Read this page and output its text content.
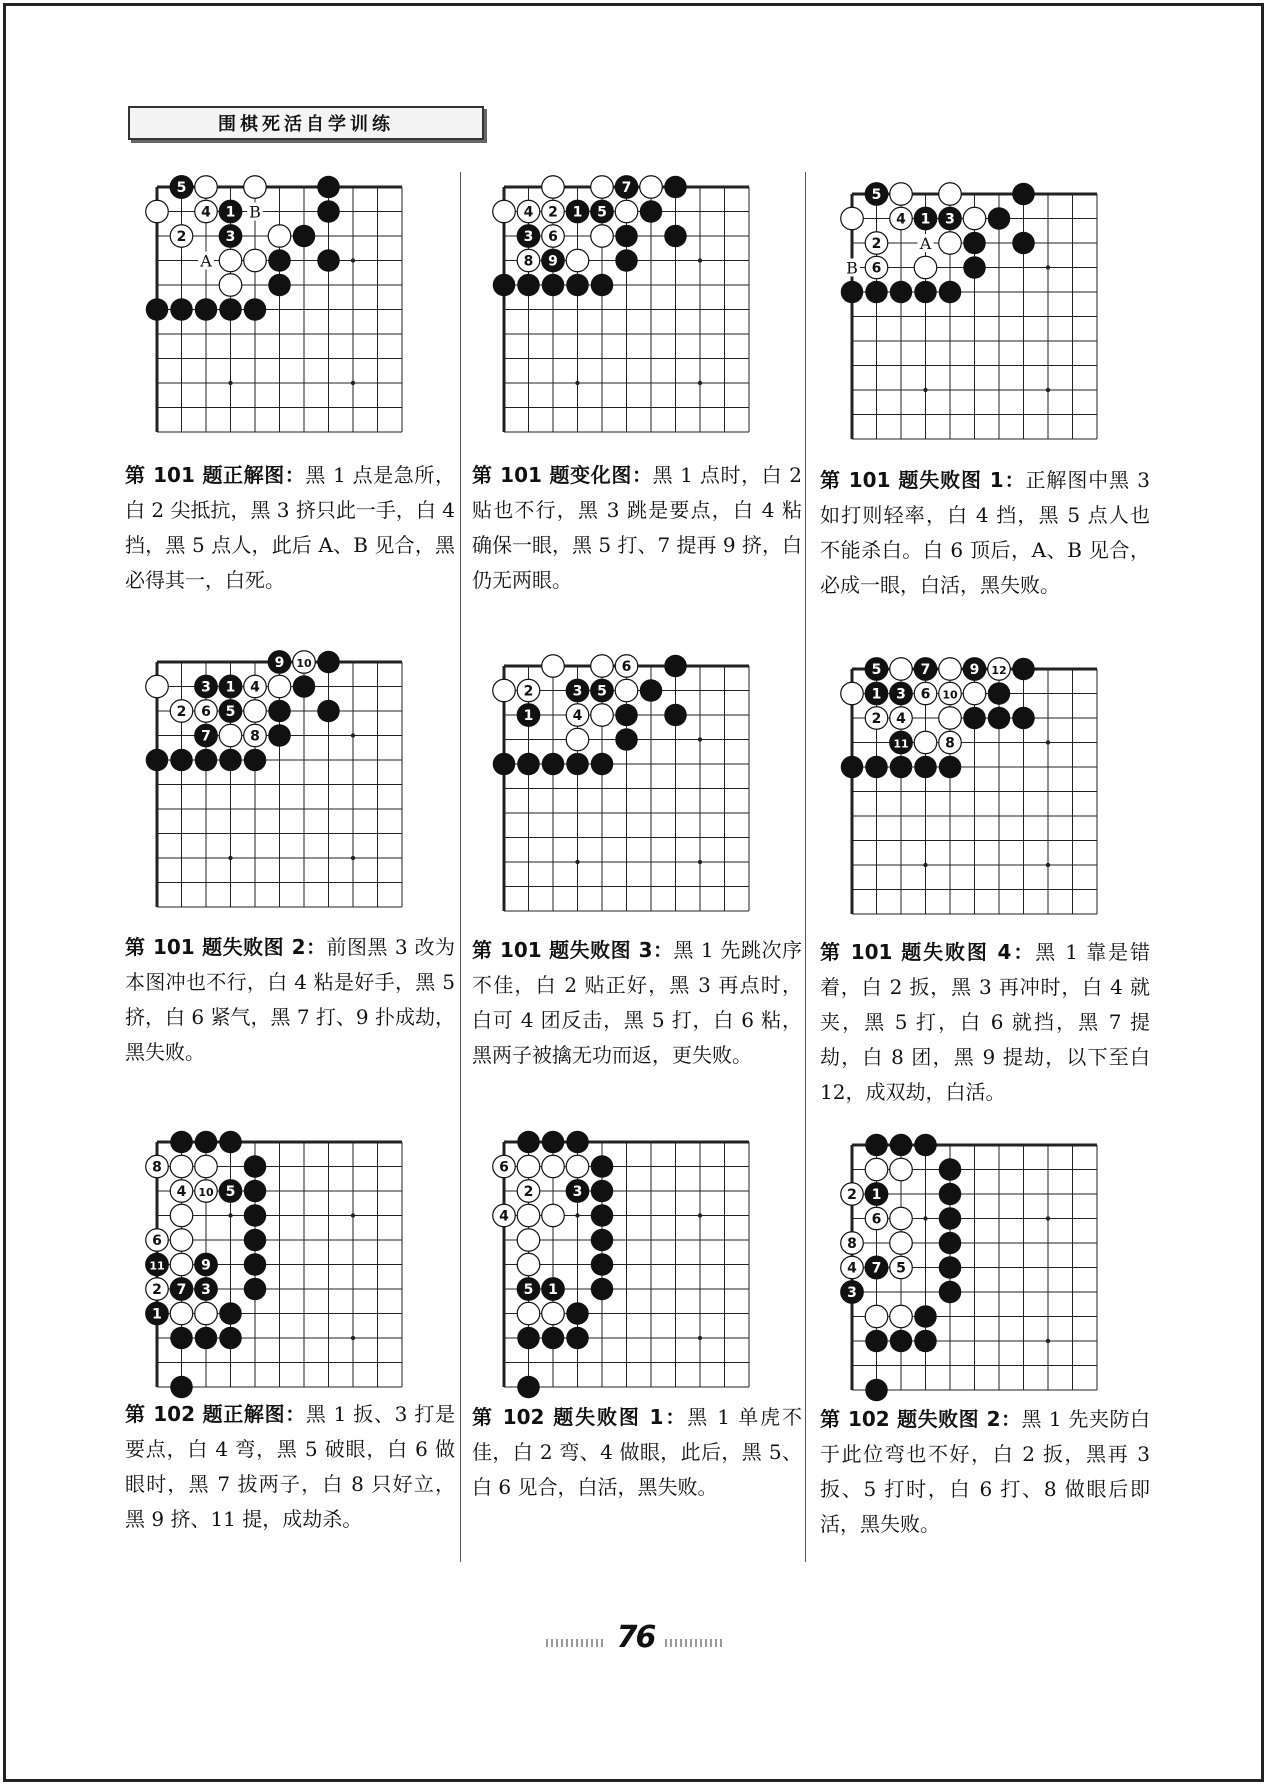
围棋死活自学训练
5
4 1
2	3
B
A
7
4 2 1 5
3 6
8 9
5
4 1 3
2
6
A
B
第 101 题正解图：黑 1 点是急所，白 2 尖抵抗，黑 3 挤只此一手，白 4 挡，黑 5 点人，此后 A、B 见合，黑必得其一，白死。
第 101 题变化图：黑 1 点时，白 2 贴也不行，黑 3 跳是要点，白 4 粘确保一眼，黑 5 打、7 提再 9 挤，白仍无两眼。
第 101 题失败图 1：正解图中黑 3 如打则轻率，白 4 挡，黑 5 点人也不能杀白。白 6 顶后，A、B 见合，必成一眼，白活，黑失败。
9 10
3 1 4
2 6 5
7	8
6
2	3 5
1	4
5	7	9 12
1 3 6 10
2 4
11	8
第 101 题失败图 2：前图黑 3 改为本图冲也不行，白 4 粘是好手，黑 5 挤，白 6 紧气，黑 7 打、9 扑成劫，黑失败。
第 101 题失败图 3：黑 1 先跳次序不佳，白 2 贴正好，黑 3 再点时，白可 4 团反击，黑 5 打，白 6 粘，黑两子被擒无功而返，更失败。
第 101 题失败图 4：黑 1 靠是错着，白 2 扳，黑 3 再冲时，白 4 就夹，黑 5 打，白 6 就挡，黑 7 提劫，白 8 团，黑 9 提劫，以下至白 12，成双劫，白活。
8
4 10 5
6
11	9
2 7 3
1
6
2	3
4
5 1
2 1
6
8
4 7 5
3
第 102 题正解图：黑 1 扳、3 打是要点，白 4 弯，黑 5 破眼，白 6 做眼时，黑 7 拔两子，白 8 只好立，黑 9 挤、11 提，成劫杀。
第 102 题失败图 1：黑 1 单虎不佳，白 2 弯、4 做眼，此后，黑 5、白 6 见合，白活，黑失败。
第 102 题失败图 2：黑 1 先夹防白于此位弯也不好，白 2 扳，黑再 3 扳、5 打时，白 6 打、8 做眼后即活，黑失败。
76
